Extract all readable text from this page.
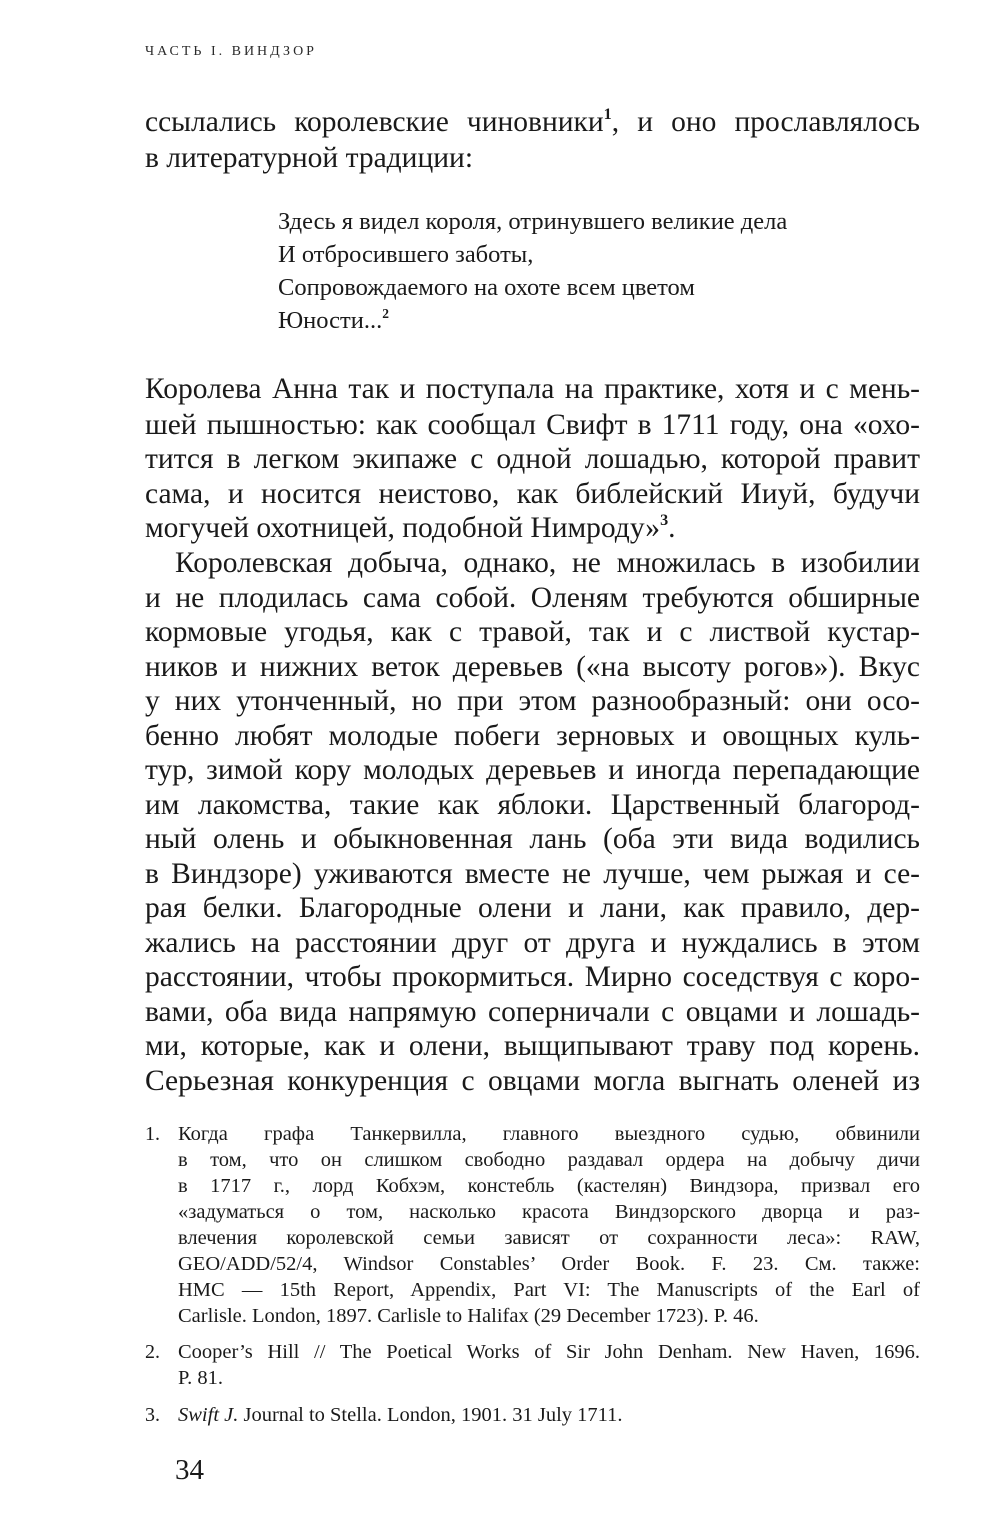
ЧАСТЬ I. ВИНДЗОР
ссылались королевские чиновники$^1$, и оно прославлялось
в литературной традиции:
Здесь я видел короля, отринувшего великие дела
И отбросившего заботы,
Сопровождаемого на охоте всем цветом
Юности...$^2$
Королева Анна так и поступала на практике, хотя и с мень-
шей пышностью: как сообщал Свифт в 1711 году, она «охо-
тится в легком экипаже с одной лошадью, которой правит
сама, и носится неистово, как библейский Ииуй, будучи
могучей охотницей, подобной Нимроду»$^3$.
Королевская добыча, однако, не множилась в изобилии
и не плодилась сама собой. Оленям требуются обширные
кормовые угодья, как с травой, так и с листвой кустар-
ников и нижних веток деревьев («на высоту рогов»). Вкус
у них утонченный, но при этом разнообразный: они осо-
бенно любят молодые побеги зерновых и овощных куль-
тур, зимой кору молодых деревьев и иногда перепадающие
им лакомства, такие как яблоки. Царственный благород-
ный олень и обыкновенная лань (оба эти вида водились
в Виндзоре) уживаются вместе не лучше, чем рыжая и се-
рая белки. Благородные олени и лани, как правило, дер-
жались на расстоянии друг от друга и нуждались в этом
расстоянии, чтобы прокормиться. Мирно соседствуя с коро-
вами, оба вида напрямую соперничали с овцами и лошадь-
ми, которые, как и олени, выщипывают траву под корень.
Серьезная конкуренция с овцами могла выгнать оленей из
1. Когда графа Танкервилла, главного выездного судью, обвинили
в том, что он слишком свободно раздавал ордера на добычу дичи
в 1717 г., лорд Кобхэм, констебль (кастелян) Виндзора, призвал его
«задуматься о том, насколько красота Виндзорского дворца и раз-
влечения королевской семьи зависят от сохранности леса»: RAW,
GEO/ADD/52/4, Windsor Constables’ Order Book. F. 23. См. также:
HMC — 15th Report, Appendix, Part VI: The Manuscripts of the Earl of
Carlisle. London, 1897. Carlisle to Halifax (29 December 1723). P. 46.
2. Cooper’s Hill // The Poetical Works of Sir John Denham. New Haven, 1696.
P. 81.
3. Swift J. Journal to Stella. London, 1901. 31 July 1711.
34
